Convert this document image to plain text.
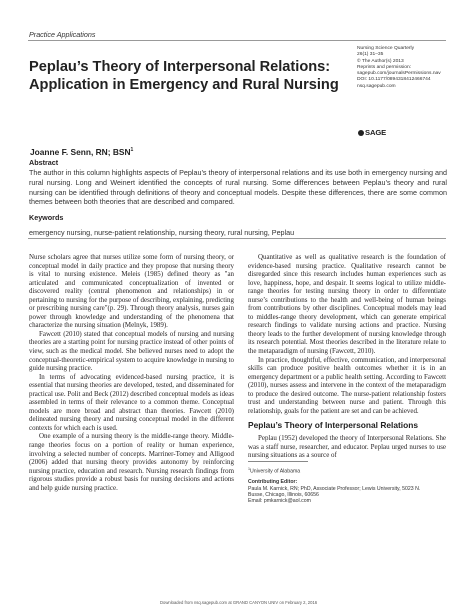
Practice Applications
Peplau’s Theory of Interpersonal Relations:
Application in Emergency and Rural Nursing
Nursing Science Quarterly
26(1) 31–35
© The Author(s) 2013
Reprints and permission:
sagepub.com/journalsPermissions.nav
DOI: 10.1177/0894318412466744
nsq.sagepub.com
SAGE
Joanne F. Senn, RN; BSN$^1$
Abstract
The author in this column highlights aspects of Peplau’s theory of interpersonal relations and its use both in emergency nursing and rural nursing. Long and Weinert identified the concepts of rural nursing. Some differences between Peplau’s theory and rural nursing can be identified through definitions of theory and conceptual models. Despite these differences, there are some common themes between both theories that are described and compared.
Keywords
emergency nursing, nurse-patient relationship, nursing theory, rural nursing, Peplau

Nurse scholars agree that nurses utilize some form of nursing theory, or conceptual model in daily practice and they propose that nursing theory is vital to nursing existence. Meleis (1985) defined theory as "an articulated and communicated conceptualization of invented or discovered reality (central phenomenon and relationships) in or pertaining to nursing for the purpose of describing, explaining, predicting or prescribing nursing care"(p. 29). Through theory analysis, nurses gain power through knowledge and understanding of the phenomena that characterize the nursing situation (Melnyk, 1989).

Fawcett (2010) stated that conceptual models of nursing and nursing theories are a starting point for nursing practice instead of other points of view, such as the medical model. She believed nurses need to adopt the conceptual-theoretic-empirical system to acquire knowledge in nursing to guide nursing practice.

In terms of advocating evidenced-based nursing practice, it is essential that nursing theories are developed, tested, and disseminated for practical use. Polit and Beck (2012) described conceptual models as ideas assembled in terms of their relevance to a common theme. Conceptual models are more broad and abstract than theories. Fawcett (2010) delineated nursing theory and nursing conceptual model in the different contexts for which each is used.

One example of a nursing theory is the middle-range theory. Middle-range theories focus on a portion of reality or human experience, involving a selected number of concepts. Marriner-Tomey and Alligood (2006) added that nursing theory provides autonomy by reinforcing nursing practice, education and research. Nursing research findings from rigorous studies provide a robust basis for nursing decisions and actions and help guide nursing practice.

Quantitative as well as qualitative research is the foundation of evidence-based nursing practice. Qualitative research cannot be disregarded since this research includes human experiences such as love, happiness, hope, and despair. It seems logical to utilize middle-range theories for testing nursing theory in order to differentiate nurse’s contributions to the health and well-being of human beings from contributions by other disciplines. Conceptual models may lead to middles-range theory development, which can generate empirical research findings to validate nursing actions and practice. Nursing theory leads to the further development of nursing knowledge through its research potential. Most theories described in the literature relate to the metaparadigm of nursing (Fawcett, 2010).

In practice, thoughtful, effective, communication, and interpersonal skills can produce positive health outcomes whether it is in an emergency department or a public health setting. According to Fawcett (2010), nurses assess and intervene in the context of the metaparadigm to produce the desired outcome. The nurse-patient relationship fosters trust and understanding between nurse and patient. Through this relationship, goals for the patient are set and can be achieved.

Peplau’s Theory of Interpersonal Relations

Peplau (1952) developed the theory of Interpersonal Relations. She was a staff nurse, researcher, and educator. Peplau urged nurses to use nursing situations as a source of

$^1$University of Alabama
Contributing Editor:
Paula M. Karnick, RN; PhD, Associate Professor; Lewis University, 5023 N.
Busse, Chicago, Illinois, 60656
Email: pmkarnick@aol.com
Downloaded from nsq.sagepub.com at GRAND CANYON UNIV on February 2, 2016
